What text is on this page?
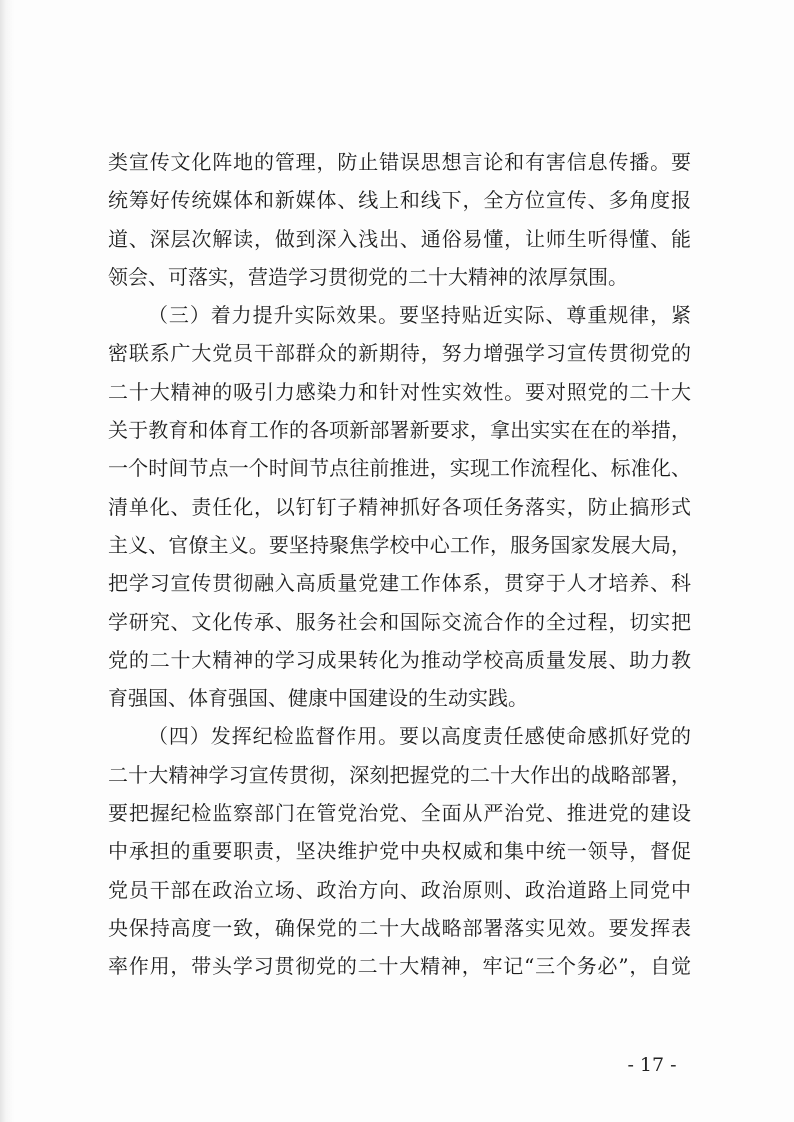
类宣传文化阵地的管理，防止错误思想言论和有害信息传播。要
统筹好传统媒体和新媒体、线上和线下，全方位宣传、多角度报
道、深层次解读，做到深入浅出、通俗易懂，让师生听得懂、能
领会、可落实，营造学习贯彻党的二十大精神的浓厚氛围。
（三）着力提升实际效果。要坚持贴近实际、尊重规律，紧
密联系广大党员干部群众的新期待，努力增强学习宣传贯彻党的
二十大精神的吸引力感染力和针对性实效性。要对照党的二十大
关于教育和体育工作的各项新部署新要求，拿出实实在在的举措，
一个时间节点一个时间节点往前推进，实现工作流程化、标准化、
清单化、责任化，以钉钉子精神抓好各项任务落实，防止搞形式
主义、官僚主义。要坚持聚焦学校中心工作，服务国家发展大局，
把学习宣传贯彻融入高质量党建工作体系，贯穿于人才培养、科
学研究、文化传承、服务社会和国际交流合作的全过程，切实把
党的二十大精神的学习成果转化为推动学校高质量发展、助力教
育强国、体育强国、健康中国建设的生动实践。
（四）发挥纪检监督作用。要以高度责任感使命感抓好党的
二十大精神学习宣传贯彻，深刻把握党的二十大作出的战略部署，
要把握纪检监察部门在管党治党、全面从严治党、推进党的建设
中承担的重要职责，坚决维护党中央权威和集中统一领导，督促
党员干部在政治立场、政治方向、政治原则、政治道路上同党中
央保持高度一致，确保党的二十大战略部署落实见效。要发挥表
率作用，带头学习贯彻党的二十大精神，牢记“三个务必”，自觉
- 17 -
